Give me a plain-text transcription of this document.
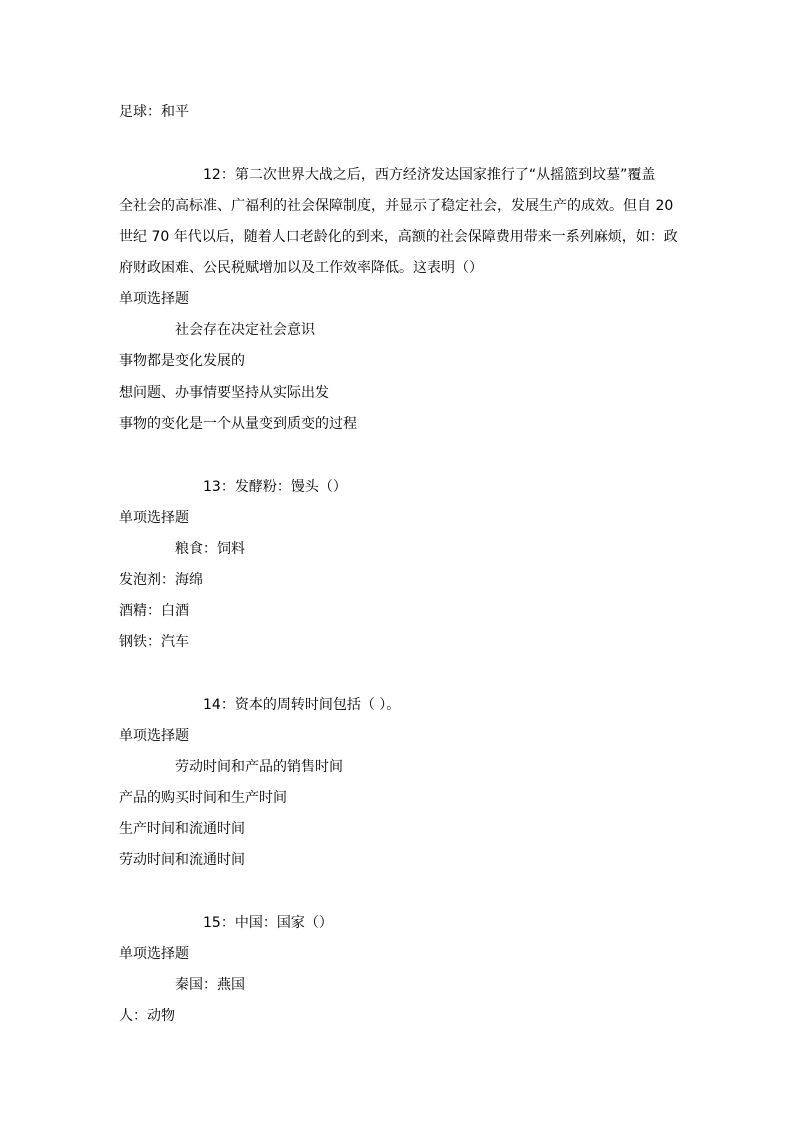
足球：和平
12：第二次世界大战之后，西方经济发达国家推行了“从摇篮到坟墓”覆盖
全社会的高标准、广福利的社会保障制度，并显示了稳定社会，发展生产的成效。但自 20
世纪 70 年代以后，随着人口老龄化的到来，高额的社会保障费用带来一系列麻烦，如：政
府财政困难、公民税赋增加以及工作效率降低。这表明（）
单项选择题
社会存在决定社会意识
事物都是变化发展的
想问题、办事情要坚持从实际出发
事物的变化是一个从量变到质变的过程
13：发酵粉：馒头（）
单项选择题
粮食：饲料
发泡剂：海绵
酒精：白酒
钢铁：汽车
14：资本的周转时间包括（ ）。
单项选择题
劳动时间和产品的销售时间
产品的购买时间和生产时间
生产时间和流通时间
劳动时间和流通时间
15：中国：国家（）
单项选择题
秦国：燕国
人：动物
